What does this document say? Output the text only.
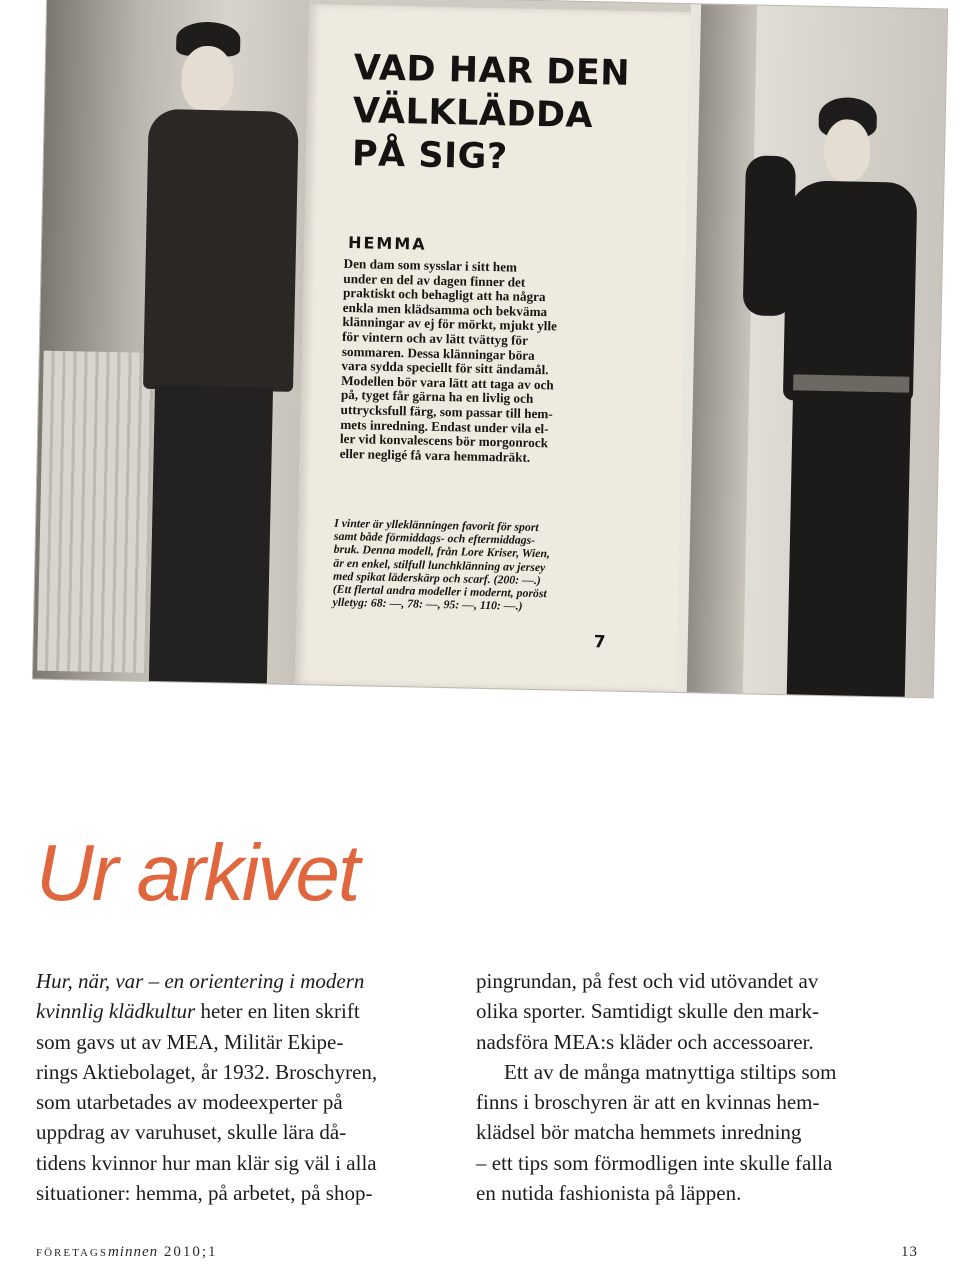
VAD HAR DEN
VÄLKLÄDDA
PÅ SIG?
HEMMA
Den dam som sysslar i sitt hem
under en del av dagen finner det
praktiskt och behagligt att ha några
enkla men klädsamma och bekväma
klänningar av ej för mörkt, mjukt ylle
för vintern och av lätt tvättyg för
sommaren. Dessa klänningar böra
vara sydda speciellt för sitt ändamål.
Modellen bör vara lätt att taga av och
på, tyget får gärna ha en livlig och
uttrycksfull färg, som passar till hem-
mets inredning. Endast under vila el-
ler vid konvalescens bör morgonrock
eller negligé få vara hemmadräkt.
I vinter är ylleklänningen favorit för sport
samt både förmiddags- och eftermiddags-
bruk. Denna modell, från Lore Kriser, Wien,
är en enkel, stilfull lunchklänning av jersey
med spikat läderskärp och scarf. (200: —.)
(Ett flertal andra modeller i modernt, poröst
ylletyg: 68: —, 78: —, 95: —, 110: —.)
7
Ur arkivet
Hur, när, var – en orientering i modern
kvinnlig klädkultur heter en liten skrift
som gavs ut av MEA, Militär Ekipe-
rings Aktiebolaget, år 1932. Broschyren,
som utarbetades av modeexperter på
uppdrag av varuhuset, skulle lära då-
tidens kvinnor hur man klär sig väl i alla
situationer: hemma, på arbetet, på shop-
pingrundan, på fest och vid utövandet av
olika sporter. Samtidigt skulle den mark-
nadsföra MEA:s kläder och accessoarer.
Ett av de många matnyttiga stiltips som
finns i broschyren är att en kvinnas hem-
klädsel bör matcha hemmets inredning
– ett tips som förmodligen inte skulle falla
en nutida fashionista på läppen.
företagsminnen 2010;1	13
